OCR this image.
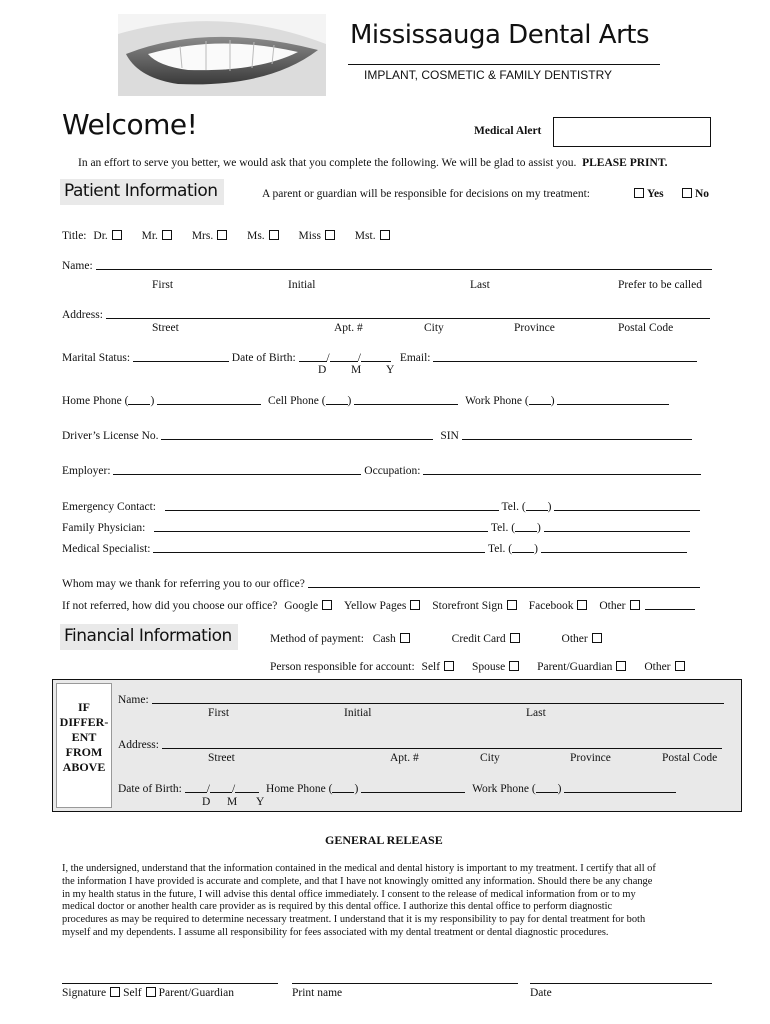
Mississauga Dental Arts
IMPLANT, COSMETIC & FAMILY DENTISTRY
Welcome!	Medical Alert
In an effort to serve you better, we would ask that you complete the following. We will be glad to assist you. PLEASE PRINT.
Patient Information	A parent or guardian will be responsible for decisions on my treatment:	Yes	No
Title: Dr.	Mr.	Mrs.	Ms.	Miss	Mst.
Name:
First	Initial	Last	Prefer to be called
Address:
Street	Apt. #	City	Province	Postal Code
Marital Status:	Date of Birth:	/ /	Email:
D M Y
Home Phone ( )	Cell Phone ( )	Work Phone ( )
Driver’s License No.	SIN
Employer:	Occupation:
Emergency Contact:	Tel. ( )
Family Physician:	Tel. ( )
Medical Specialist:	Tel. ( )
Whom may we thank for referring you to our office?
If not referred, how did you choose our office? Google Yellow Pages Storefront Sign Facebook Other
Financial Information	Method of payment: Cash	Credit Card	Other
Person responsible for account: Self	Spouse	Parent/Guardian	Other
IF
DIFFER-
ENT
FROM
ABOVE
Name:
First	Initial	Last
Address:
Street	Apt. #	City	Province	Postal Code
Date of Birth: / /	Home Phone ( )	Work Phone ( )
D M Y
GENERAL RELEASE
I, the undersigned, understand that the information contained in the medical and dental history is important to my treatment. I certify that all of
the information I have provided is accurate and complete, and that I have not knowingly omitted any information. Should there be any change
in my health status in the future, I will advise this dental office immediately. I consent to the release of medical information from or to my
medical doctor or another health care provider as is required by this dental office. I authorize this dental office to perform diagnostic
procedures as may be required to determine necessary treatment. I understand that it is my responsibility to pay for dental treatment for both
myself and my dependents. I assume all responsibility for fees associated with my dental treatment or dental diagnostic procedures.
Signature Self Parent/Guardian	Print name	Date
